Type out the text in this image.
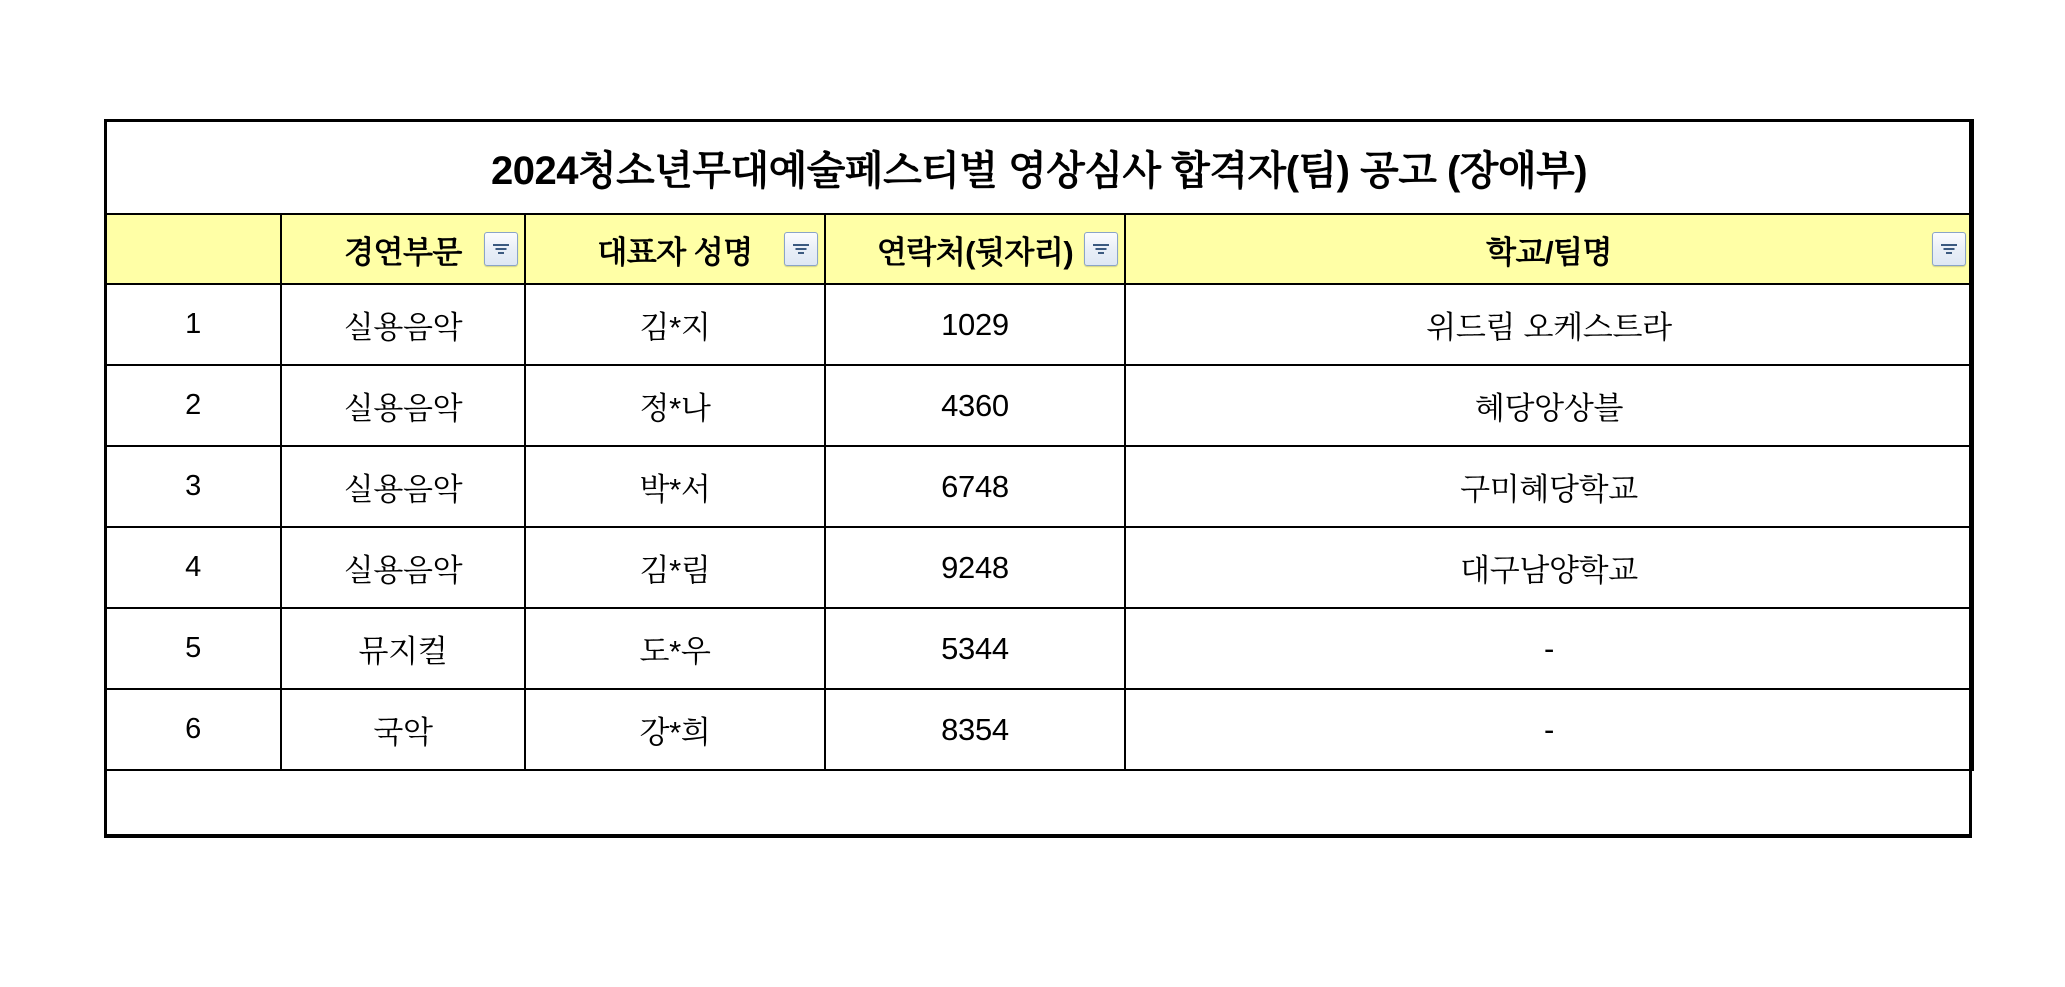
2024청소년무대예술페스티벌 영상심사 합격자(팀) 공고 (장애부)				
	경연부문	대표자 성명	연락처(뒷자리)	학교/팀명

1	실용음악	김*지	1029	위드림 오케스트라
2	실용음악	정*나	4360	혜당앙상블
3	실용음악	박*서	6748	구미혜당학교
4	실용음악	김*림	9248	대구남양학교
5	뮤지컬	도*우	5344	-
6	국악	강*희	8354	-
